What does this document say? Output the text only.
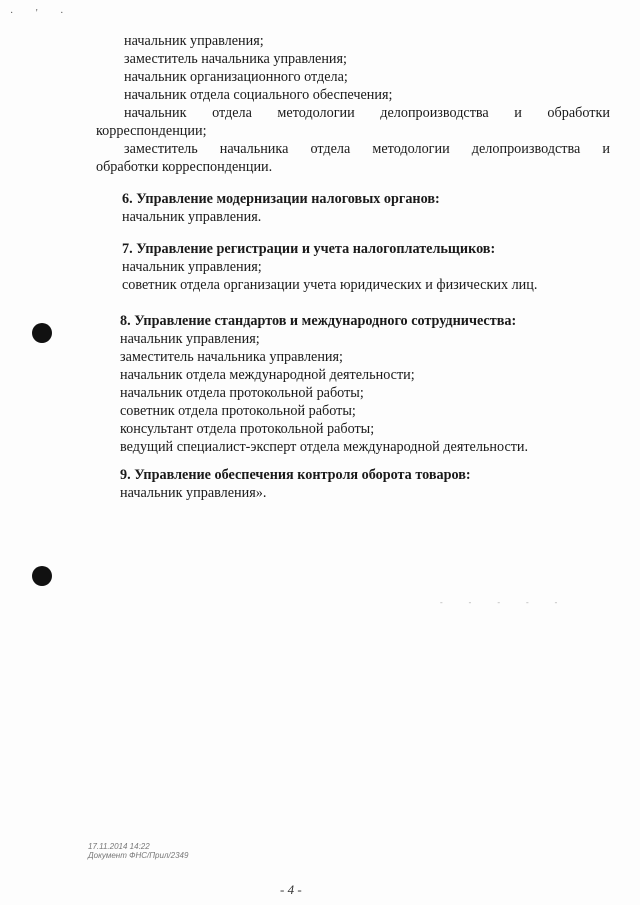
· ' ·
начальник управления;
заместитель начальника управления;
начальник организационного отдела;
начальник отдела социального обеспечения;
начальник отдела методологии делопроизводства и обработки
корреспонденции;
заместитель начальника отдела методологии делопроизводства и
обработки корреспонденции.
6. Управление модернизации налоговых органов:
начальник управления.
7. Управление регистрации и учета налогоплательщиков:
начальник управления;
советник отдела организации учета юридических и физических лиц.
8. Управление стандартов и международного сотрудничества:
начальник управления;
заместитель начальника управления;
начальник отдела международной деятельности;
начальник отдела протокольной работы;
советник отдела протокольной работы;
консультант отдела протокольной работы;
ведущий специалист-эксперт отдела международной деятельности.
9. Управление обеспечения контроля оборота товаров:
начальник управления».
- - - - -
17.11.2014 14:22
Документ ФНС/Прил/2349
- 4 -
